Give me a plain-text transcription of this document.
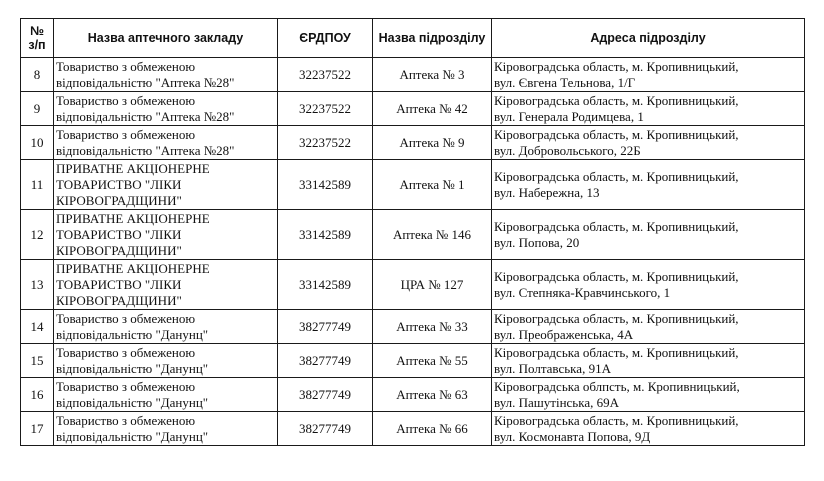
№
з/п	Назва аптечного закладу	ЄРДПОУ	Назва підрозділу	Адреса підрозділу
8	Товариство з обмеженою
відповідальністю "Аптека №28"	32237522	Аптека № 3	Кіровоградська область, м. Кропивницький,
вул. Євгена Тельнова, 1/Г

9	Товариство з обмеженою
відповідальністю "Аптека №28"	32237522	Аптека № 42	Кіровоградська область, м. Кропивницький,
вул. Генерала Родимцева, 1

10	Товариство з обмеженою
відповідальністю "Аптека №28"	32237522	Аптека № 9	Кіровоградська область, м. Кропивницький,
вул. Добровольського, 22Б

11	ПРИВАТНЕ АКЦІОНЕРНЕ
ТОВАРИСТВО "ЛІКИ
КІРОВОГРАДЩИНИ"	33142589	Аптека № 1	Кіровоградська область, м. Кропивницький,
вул. Набережна, 13

12	ПРИВАТНЕ АКЦІОНЕРНЕ
ТОВАРИСТВО "ЛІКИ
КІРОВОГРАДЩИНИ"	33142589	Аптека № 146	Кіровоградська область, м. Кропивницький,
вул. Попова, 20

13	ПРИВАТНЕ АКЦІОНЕРНЕ
ТОВАРИСТВО "ЛІКИ
КІРОВОГРАДЩИНИ"	33142589	ЦРА № 127	Кіровоградська область, м. Кропивницький,
вул. Степняка-Кравчинського, 1

14	Товариство з обмеженою
відповідальністю "Данунц"	38277749	Аптека № 33	Кіровоградська область, м. Кропивницький,
вул. Преображенська, 4А

15	Товариство з обмеженою
відповідальністю "Данунц"	38277749	Аптека № 55	Кіровоградська область, м. Кропивницький,
вул. Полтавська, 91А

16	Товариство з обмеженою
відповідальністю "Данунц"	38277749	Аптека № 63	Кіровоградська облпсть, м. Кропивницький,
вул. Пашутінська, 69А

17	Товариство з обмеженою
відповідальністю "Данунц"	38277749	Аптека № 66	Кіровоградська область, м. Кропивницький,
вул. Космонавта Попова, 9Д
